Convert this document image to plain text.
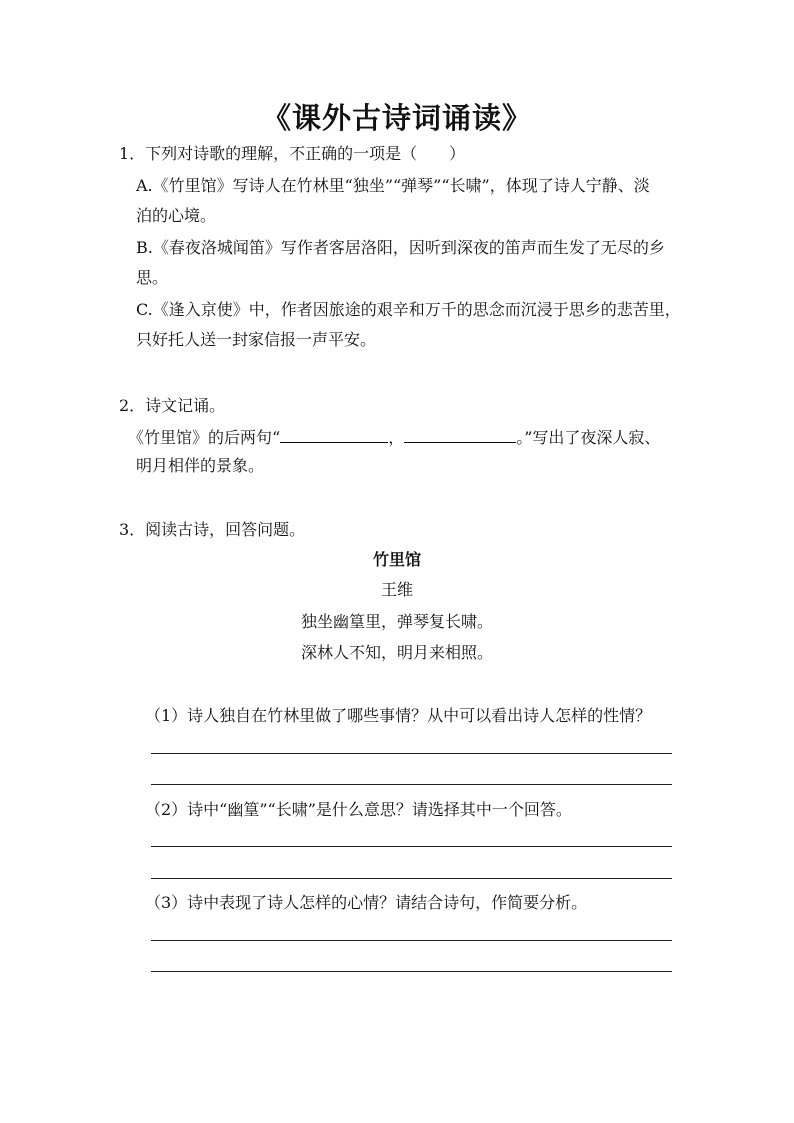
《课外古诗词诵读》
1．下列对诗歌的理解，不正确的一项是（　　）
A.《竹里馆》写诗人在竹林里“独坐”“弹琴”“长啸”，体现了诗人宁静、淡
泊的心境。
B.《春夜洛城闻笛》写作者客居洛阳，因听到深夜的笛声而生发了无尽的乡
思。
C.《逢入京使》中，作者因旅途的艰辛和万千的思念而沉浸于思乡的悲苦里，
只好托人送一封家信报一声平安。
2．诗文记诵。
《竹里馆》的后两句“	，	。”写出了夜深人寂、
明月相伴的景象。
3．阅读古诗，回答问题。
竹里馆
王维
独坐幽篁里，弹琴复长啸。
深林人不知，明月来相照。
（1）诗人独自在竹林里做了哪些事情？从中可以看出诗人怎样的性情？
（2）诗中“幽篁”“长啸”是什么意思？请选择其中一个回答。
（3）诗中表现了诗人怎样的心情？请结合诗句，作简要分析。
